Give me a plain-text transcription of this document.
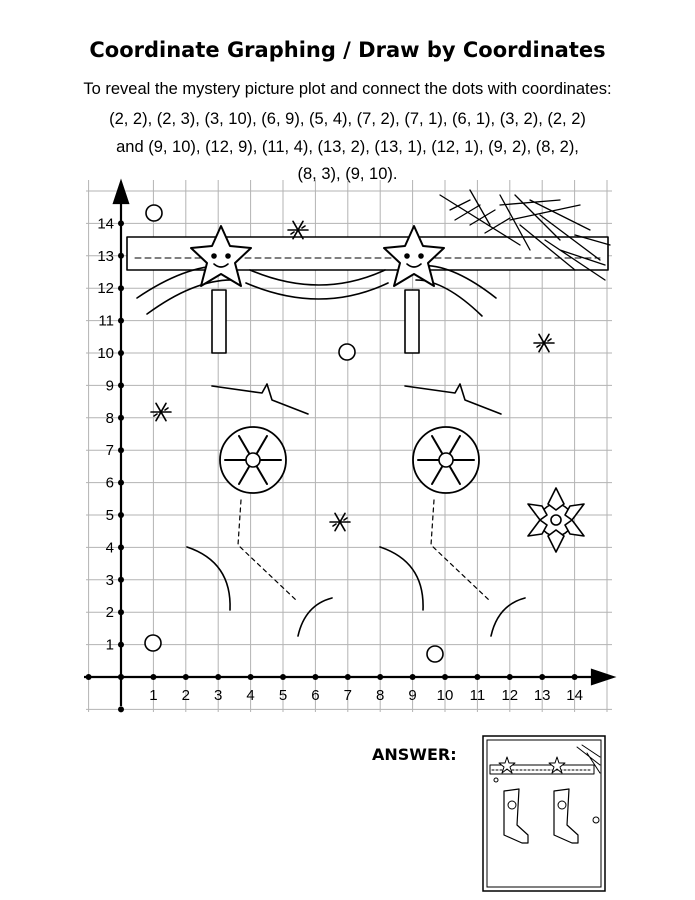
Coordinate Graphing / Draw by Coordinates
To reveal the mystery picture plot and connect the dots with coordinates:
(2, 2), (2, 3), (3, 10), (6, 9), (5, 4), (7, 2), (7, 1), (6, 1), (3, 2), (2, 2)
and (9, 10), (12, 9), (11, 4), (13, 2), (13, 1), (12, 1), (9, 2), (8, 2),
(8, 3), (9, 10).
1 2 3 4 5 6 7 8 9 10 11 12 13 14
1
2
3
4
5
6
7
8
9
10
11
12
13
14
ANSWER:
